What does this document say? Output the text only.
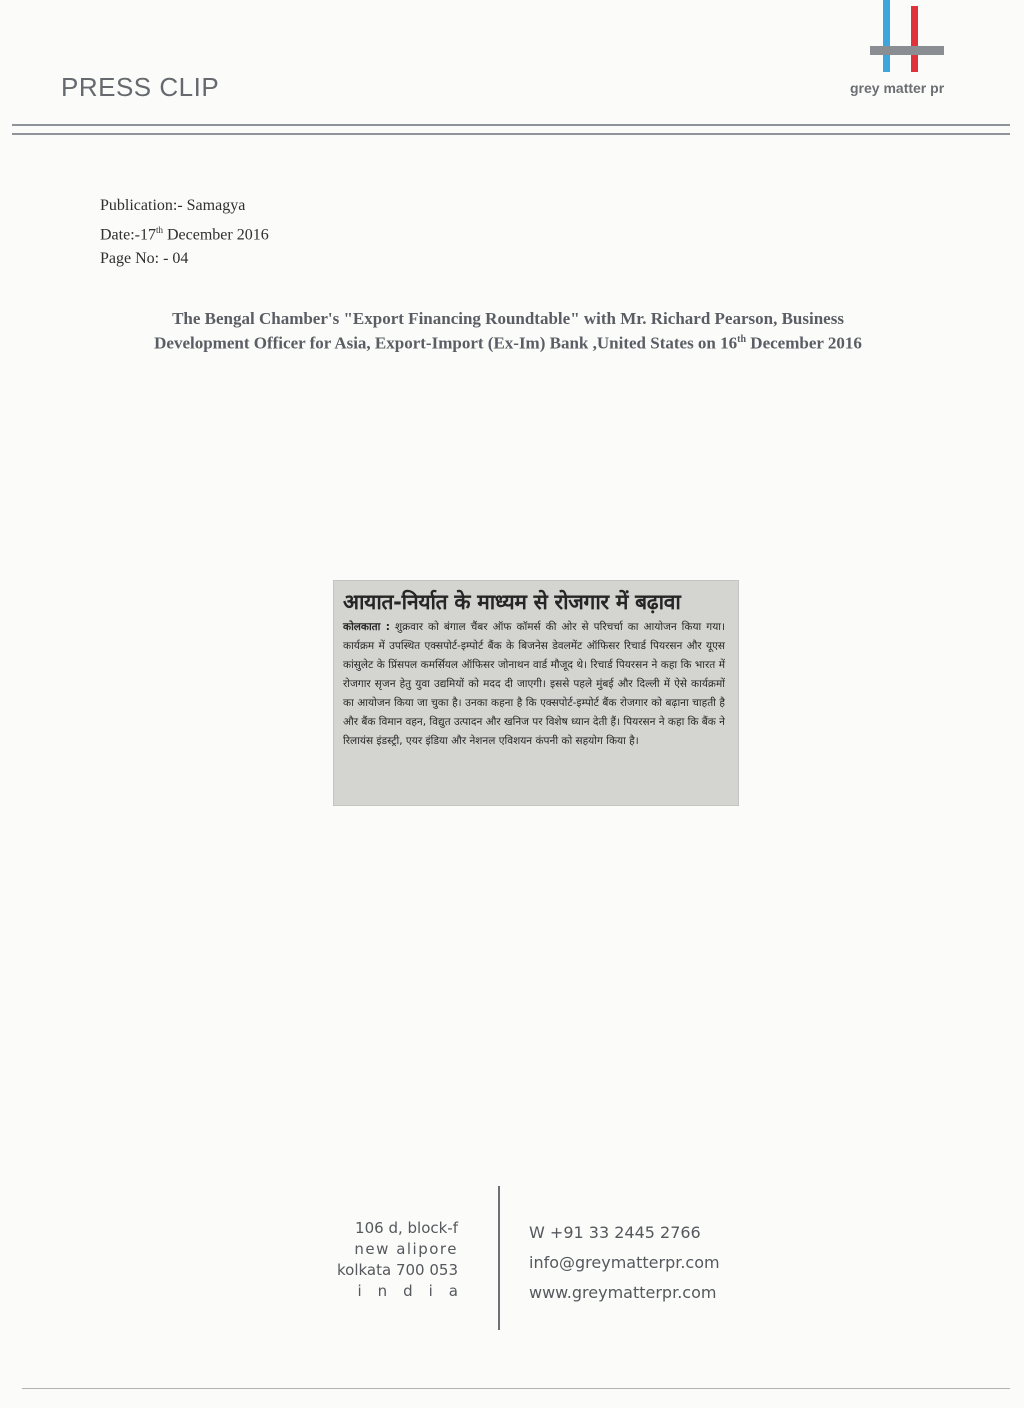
PRESS CLIP	grey matter pr
Publication:- Samagya
Date:-17th December 2016
Page No: - 04
The Bengal Chamber's "Export Financing Roundtable" with Mr. Richard Pearson, Business
Development Officer for Asia, Export-Import (Ex-Im) Bank ,United States on 16th December 2016
आयात-निर्यात के माध्यम से रोजगार में बढ़ावा
कोलकाता : शुक्रवार को बंगाल चैंबर ऑफ कॉमर्स की ओर से परिचर्चा का आयोजन किया गया। कार्यक्रम में उपस्थित एक्सपोर्ट-इम्पोर्ट बैंक के बिजनेस डेवलमेंट ऑफिसर रिचार्ड पियरसन और यूएस कांसुलेट के प्रिंसपल कमर्सियल ऑफिसर जोनाथन वार्ड मौजूद थे। रिचार्ड पियरसन ने कहा कि भारत में रोजगार सृजन हेतु युवा उद्यमियों को मदद दी जाएगी। इससे पहले मुंबई और दिल्ली में ऐसे कार्यक्रमों का आयोजन किया जा चुका है। उनका कहना है कि एक्सपोर्ट-इम्पोर्ट बैंक रोजगार को बढ़ाना चाहती है और बैंक विमान वहन, विद्युत उत्पादन और खनिज पर विशेष ध्यान देती हैं। पियरसन ने कहा कि बैंक ने रिलायंस इंडस्ट्री, एयर इंडिया और नेशनल एविशयन कंपनी को सहयोग किया है।
106 d, block-f
new alipore
kolkata 700 053
india
W +91 33 2445 2766
info@greymatterpr.com
www.greymatterpr.com
